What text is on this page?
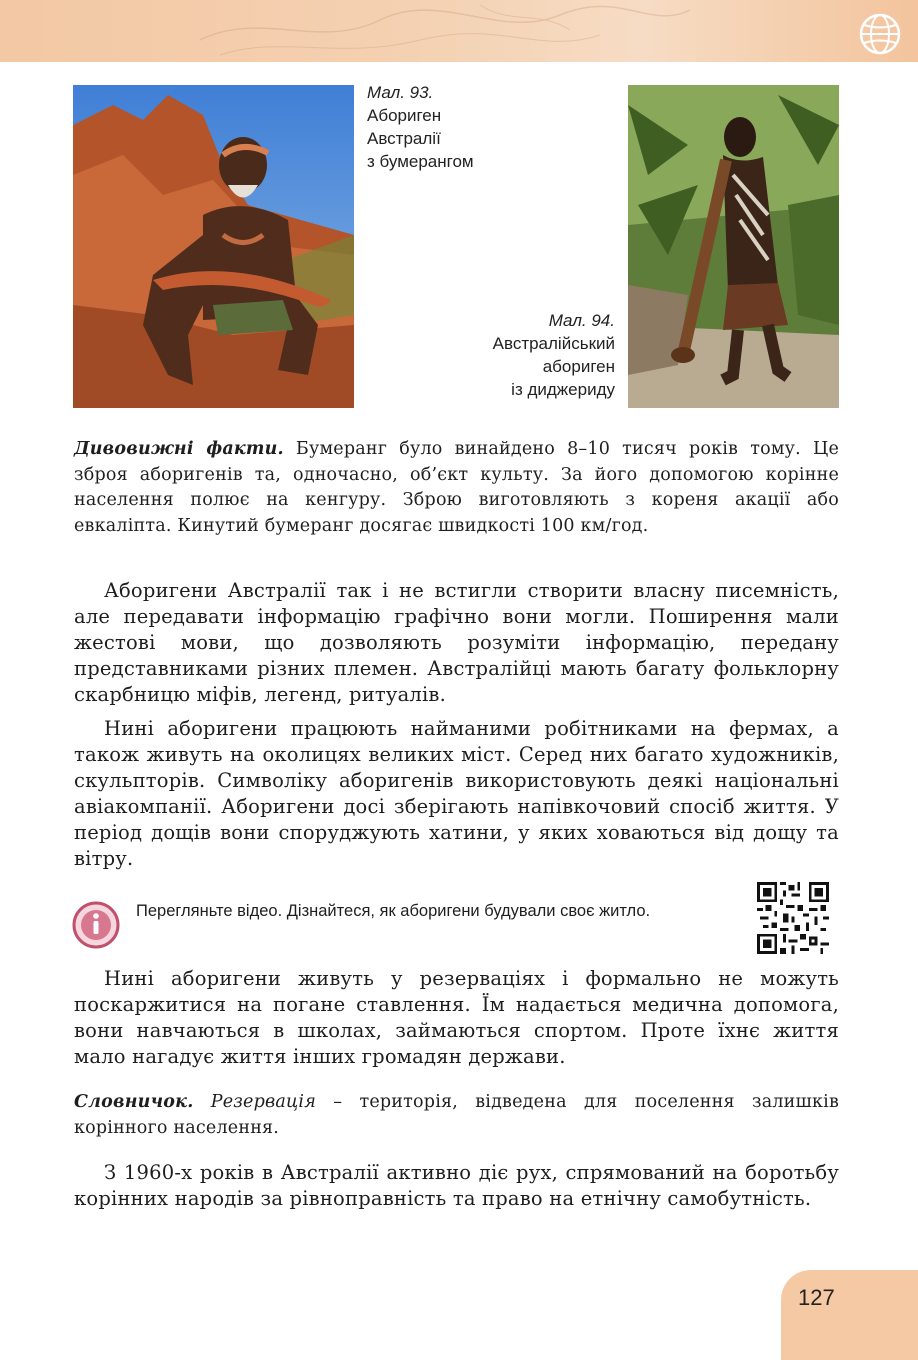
Мал. 93.
Абориген
Австралії
з бумерангом
Мал. 94.
Австралійський
абориген
із диджериду
Дивовижні факти. Бумеранг було винайдено 8–10 тисяч років тому. Це зброя аборигенів та, одночасно, об’єкт культу. За його допомогою корінне населення полює на кенгуру. Зброю виготовляють з кореня акації або евкаліпта. Кинутий бумеранг досягає швидкості 100 км/год.

Аборигени Австралії так і не встигли створити власну писемність, але передавати інформацію графічно вони могли. Поширення мали жестові мови, що дозволяють розуміти інформацію, передану представниками різних племен. Австралійці мають багату фольклорну скарбницю міфів, легенд, ритуалів.

Нині аборигени працюють найманими робітниками на фермах, а також живуть на околицях великих міст. Серед них багато художників, скульпторів. Символіку аборигенів використовують деякі національні авіакомпанії. Аборигени досі зберігають напівкочовий спосіб життя. У період дощів вони споруджують хатини, у яких ховаються від дощу та вітру.

Перегляньте відео. Дізнайтеся, як аборигени будували своє житло.

Нині аборигени живуть у резерваціях і формально не можуть поскаржитися на погане ставлення. Їм надається медична допомога, вони навчаються в школах, займаються спортом. Проте їхнє життя мало нагадує життя інших громадян держави.

Словничок. Резервація – територія, відведена для поселення залишків корінного населення.

З 1960-х років в Австралії активно діє рух, спрямований на боротьбу корінних народів за рівноправність та право на етнічну самобутність.

127
